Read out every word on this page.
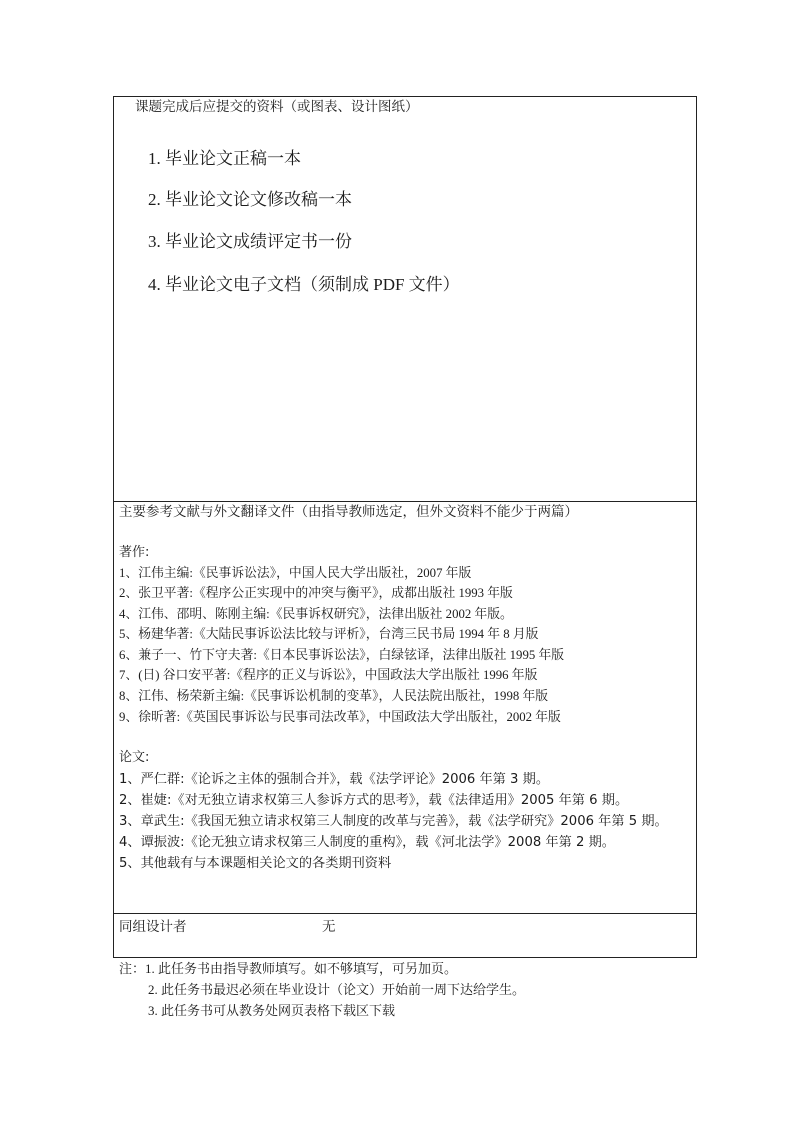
课题完成后应提交的资料（或图表、设计图纸）
1. 毕业论文正稿一本
2. 毕业论文论文修改稿一本
3. 毕业论文成绩评定书一份
4. 毕业论文电子文档（须制成 PDF 文件）
主要参考文献与外文翻译文件（由指导教师选定，但外文资料不能少于两篇）
著作:
1、江伟主编:《民事诉讼法》，中国人民大学出版社，2007 年版
2、张卫平著:《程序公正实现中的冲突与衡平》，成都出版社 1993 年版
4、江伟、邵明、陈刚主编:《民事诉权研究》，法律出版社 2002 年版。
5、杨建华著:《大陆民事诉讼法比较与评析》，台湾三民书局 1994 年 8 月版
6、兼子一、竹下守夫著:《日本民事诉讼法》，白绿铉译，法律出版社 1995 年版
7、(日) 谷口安平著:《程序的正义与诉讼》，中国政法大学出版社 1996 年版
8、江伟、杨荣新主编:《民事诉讼机制的变革》，人民法院出版社，1998 年版
9、徐昕著:《英国民事诉讼与民事司法改革》，中国政法大学出版社，2002 年版
论文:
1、严仁群:《论诉之主体的强制合并》，载《法学评论》2006 年第 3 期。
2、崔婕:《对无独立请求权第三人参诉方式的思考》，载《法律适用》2005 年第 6 期。
3、章武生:《我国无独立请求权第三人制度的改革与完善》，载《法学研究》2006 年第 5 期。
4、谭振波:《论无独立请求权第三人制度的重构》，载《河北法学》2008 年第 2 期。
5、其他载有与本课题相关论文的各类期刊资料
同组设计者	无
注：1. 此任务书由指导教师填写。如不够填写，可另加页。
2. 此任务书最迟必须在毕业设计（论文）开始前一周下达给学生。
3. 此任务书可从教务处网页表格下载区下载
